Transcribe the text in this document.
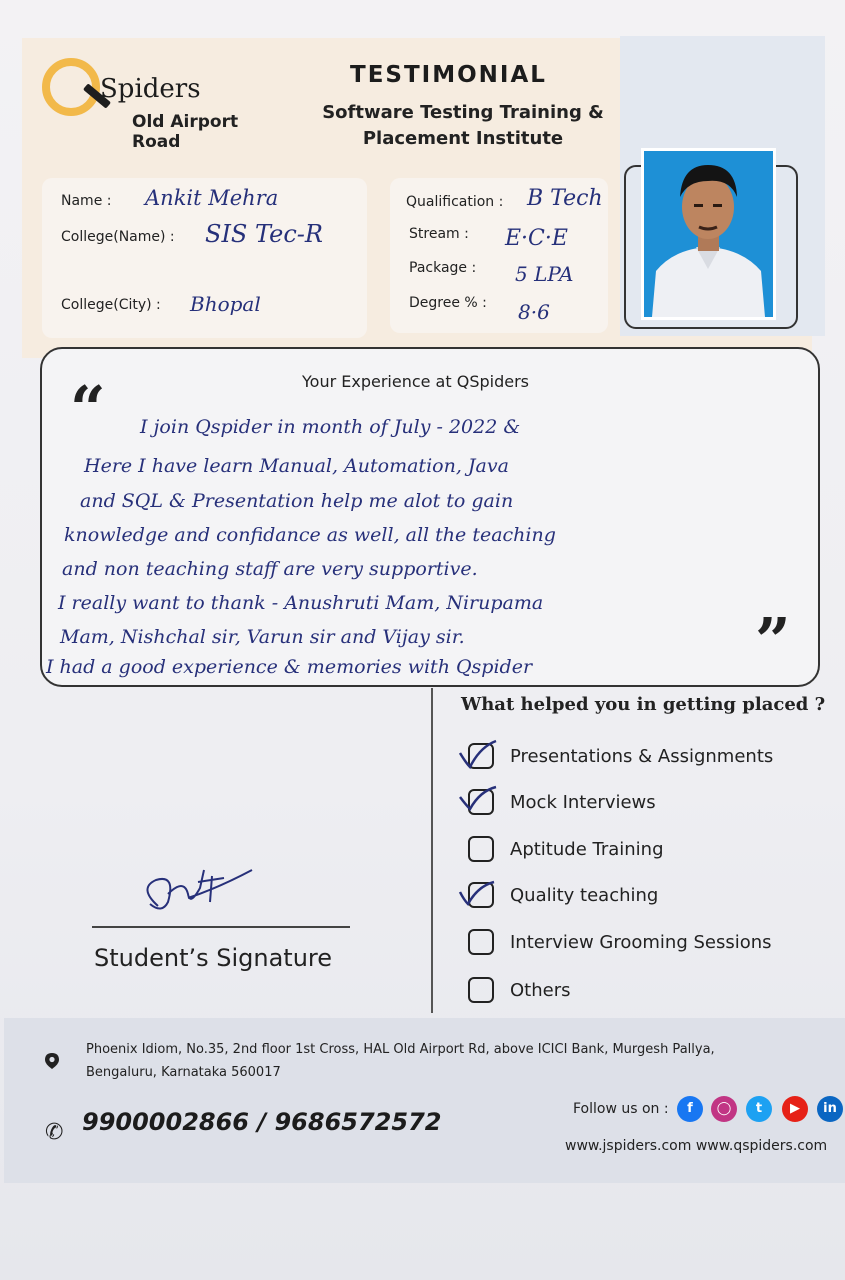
Spiders
Old Airport Road
TESTIMONIAL
Software Testing Training &
Placement Institute
Name : Ankit Mehra
College(Name) : SIS Tec-R
College(City) : Bhopal
Qualification : B Tech
Stream : E·C·E
Package : 5 LPA
Degree % : 8·6
Your Experience at QSpiders
“
”
I join Qspider in month of July - 2022 &
Here I have learn Manual, Automation, Java
and SQL & Presentation help me alot to gain
knowledge and confidance as well, all the teaching
and non teaching staff are very supportive.
I really want to thank - Anushruti Mam, Nirupama
Mam, Nishchal sir, Varun sir and Vijay sir.
I had a good experience & memories with Qspider
Student’s Signature
What helped you in getting placed ?
Presentations & Assignments
Mock Interviews
Aptitude Training
Quality teaching
Interview Grooming Sessions
Others
Phoenix Idiom, No.35, 2nd floor 1st Cross, HAL Old Airport Rd, above ICICI Bank, Murgesh Pallya,
Bengaluru, Karnataka 560017
✆ 9900002866 / 9686572572	Follow us on :	f	◯	t	▶	in
www.jspiders.com www.qspiders.com
